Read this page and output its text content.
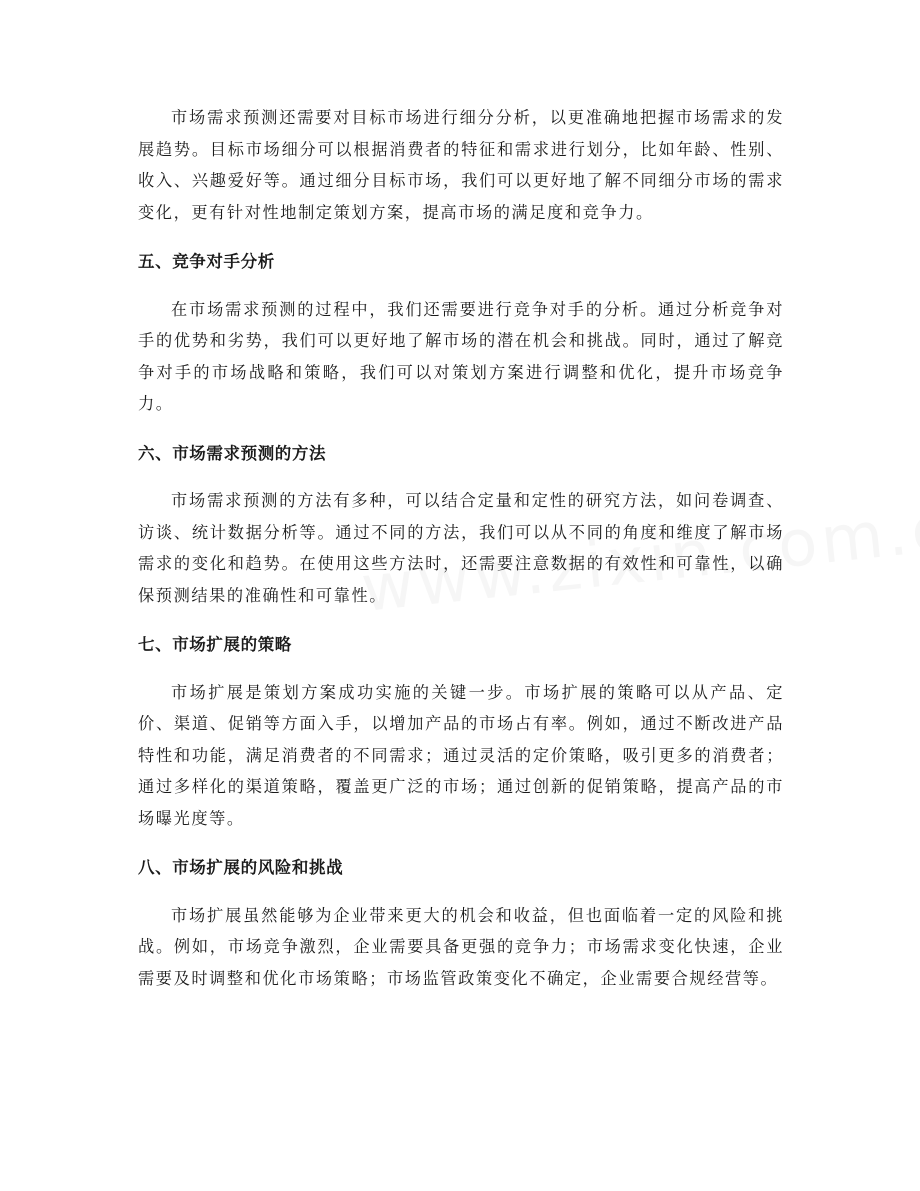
市场需求预测还需要对目标市场进行细分分析，以更准确地把握市场需求的发展趋势。目标市场细分可以根据消费者的特征和需求进行划分，比如年龄、性别、收入、兴趣爱好等。通过细分目标市场，我们可以更好地了解不同细分市场的需求变化，更有针对性地制定策划方案，提高市场的满足度和竞争力。

五、竞争对手分析

在市场需求预测的过程中，我们还需要进行竞争对手的分析。通过分析竞争对手的优势和劣势，我们可以更好地了解市场的潜在机会和挑战。同时，通过了解竞争对手的市场战略和策略，我们可以对策划方案进行调整和优化，提升市场竞争力。

六、市场需求预测的方法

市场需求预测的方法有多种，可以结合定量和定性的研究方法，如问卷调查、访谈、统计数据分析等。通过不同的方法，我们可以从不同的角度和维度了解市场需求的变化和趋势。在使用这些方法时，还需要注意数据的有效性和可靠性，以确保预测结果的准确性和可靠性。

七、市场扩展的策略

市场扩展是策划方案成功实施的关键一步。市场扩展的策略可以从产品、定价、渠道、促销等方面入手，以增加产品的市场占有率。例如，通过不断改进产品特性和功能，满足消费者的不同需求；通过灵活的定价策略，吸引更多的消费者；通过多样化的渠道策略，覆盖更广泛的市场；通过创新的促销策略，提高产品的市场曝光度等。

八、市场扩展的风险和挑战

市场扩展虽然能够为企业带来更大的机会和收益，但也面临着一定的风险和挑战。例如，市场竞争激烈，企业需要具备更强的竞争力；市场需求变化快速，企业需要及时调整和优化市场策略；市场监管政策变化不确定，企业需要合规经营等。
